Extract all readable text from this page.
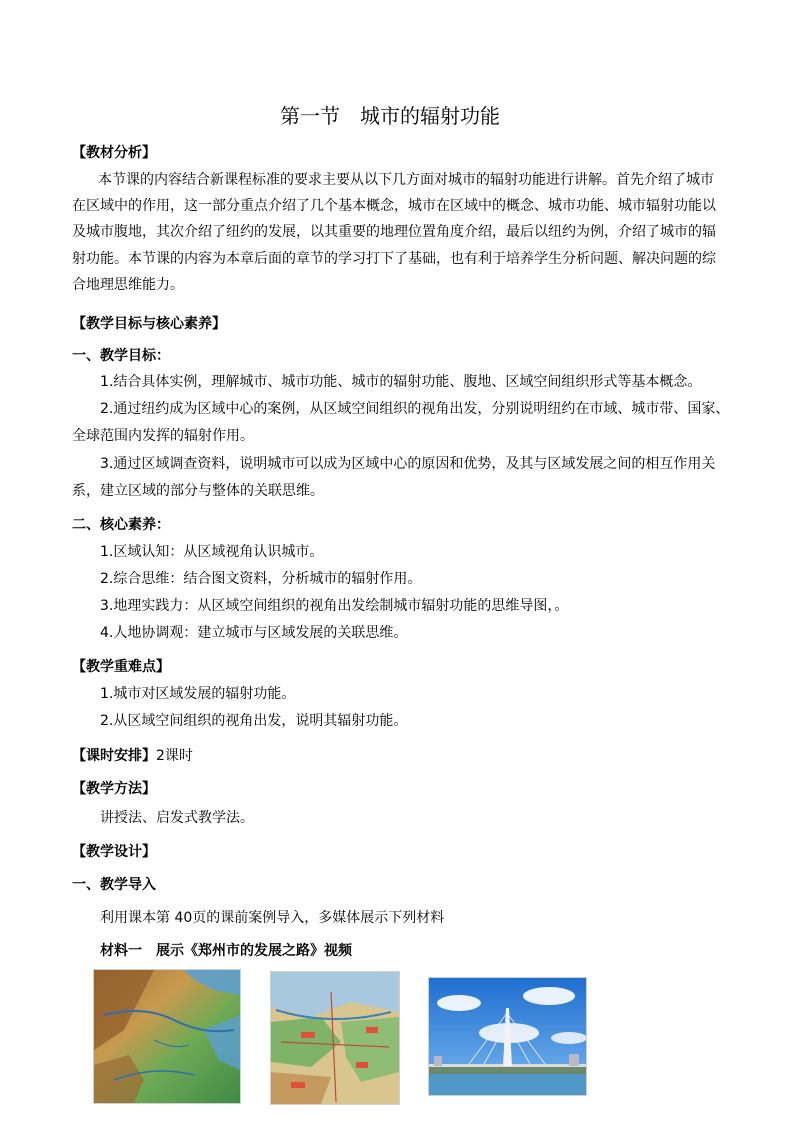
第一节　城市的辐射功能
【教材分析】
本节课的内容结合新课程标准的要求主要从以下几方面对城市的辐射功能进行讲解。首先介绍了城市
在区域中的作用，这一部分重点介绍了几个基本概念，城市在区域中的概念、城市功能、城市辐射功能以
及城市腹地，其次介绍了纽约的发展，以其重要的地理位置角度介绍，最后以纽约为例，介绍了城市的辐
射功能。本节课的内容为本章后面的章节的学习打下了基础，也有利于培养学生分析问题、解决问题的综
合地理思维能力。
【教学目标与核心素养】
一、教学目标：
1.结合具体实例，理解城市、城市功能、城市的辐射功能、腹地、区域空间组织形式等基本概念。
2.通过纽约成为区域中心的案例，从区域空间组织的视角出发，分别说明纽约在市域、城市带、国家、
全球范围内发挥的辐射作用。
3.通过区域调查资料，说明城市可以成为区域中心的原因和优势，及其与区域发展之间的相互作用关
系，建立区域的部分与整体的关联思维。
二、核心素养：
1.区域认知：从区域视角认识城市。
2.综合思维：结合图文资料，分析城市的辐射作用。
3.地理实践力：从区域空间组织的视角出发绘制城市辐射功能的思维导图，。
4.人地协调观：建立城市与区域发展的关联思维。
【教学重难点】
1.城市对区域发展的辐射功能。
2.从区域空间组织的视角出发，说明其辐射功能。
【课时安排】2课时
【教学方法】
讲授法、启发式教学法。
【教学设计】
一、教学导入
利用课本第 40页的课前案例导入，多媒体展示下列材料
材料一　展示《郑州市的发展之路》视频
